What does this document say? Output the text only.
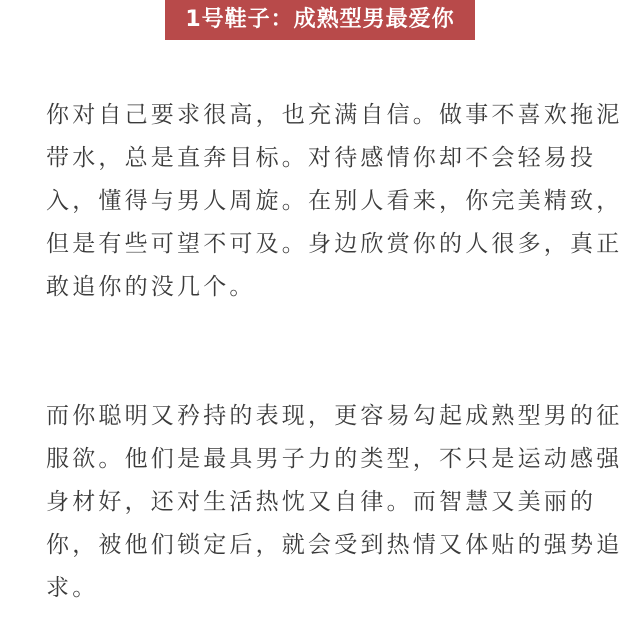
1号鞋子：成熟型男最爱你
你对自己要求很高，也充满自信。做事不喜欢拖泥
带水，总是直奔目标。对待感情你却不会轻易投
入，懂得与男人周旋。在别人看来，你完美精致，
但是有些可望不可及。身边欣赏你的人很多，真正
敢追你的没几个。
而你聪明又矜持的表现，更容易勾起成熟型男的征
服欲。他们是最具男子力的类型，不只是运动感强
身材好，还对生活热忱又自律。而智慧又美丽的
你，被他们锁定后，就会受到热情又体贴的强势追
求。
